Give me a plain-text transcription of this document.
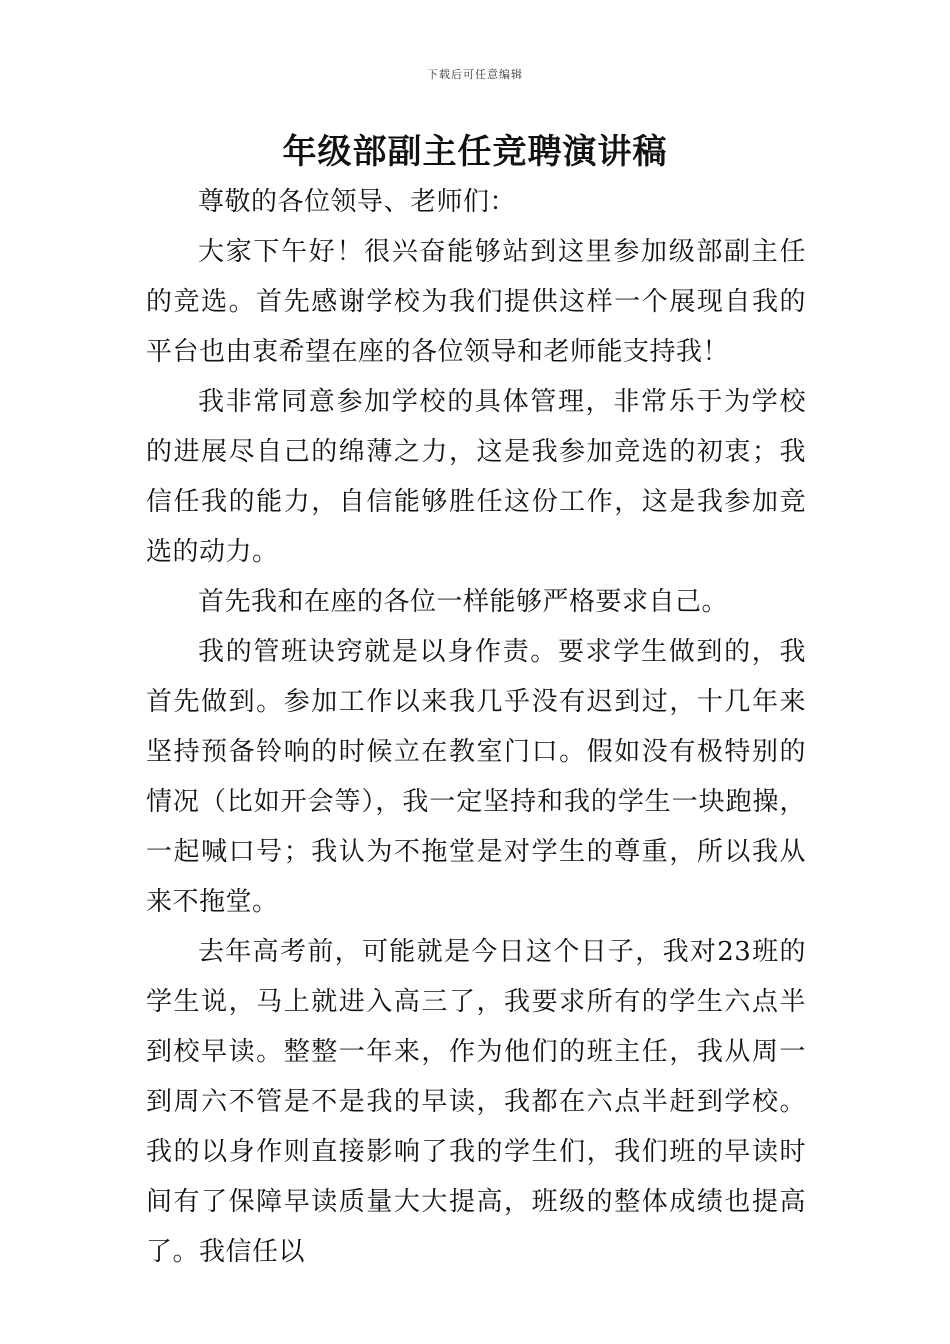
下载后可任意编辑
年级部副主任竞聘演讲稿

尊敬的各位领导、老师们：

大家下午好！很兴奋能够站到这里参加级部副主任的竞选。首先感谢学校为我们提供这样一个展现自我的平台也由衷希望在座的各位领导和老师能支持我！

我非常同意参加学校的具体管理，非常乐于为学校的进展尽自己的绵薄之力，这是我参加竞选的初衷；我信任我的能力，自信能够胜任这份工作，这是我参加竞选的动力。

首先我和在座的各位一样能够严格要求自己。

我的管班诀窍就是以身作责。要求学生做到的，我首先做到。参加工作以来我几乎没有迟到过，十几年来坚持预备铃响的时候立在教室门口。假如没有极特别的情况（比如开会等），我一定坚持和我的学生一块跑操，一起喊口号；我认为不拖堂是对学生的尊重，所以我从来不拖堂。

去年高考前，可能就是今日这个日子，我对23班的学生说，马上就进入高三了，我要求所有的学生六点半到校早读。整整一年来，作为他们的班主任，我从周一到周六不管是不是我的早读，我都在六点半赶到学校。我的以身作则直接影响了我的学生们，我们班的早读时间有了保障早读质量大大提高，班级的整体成绩也提高了。我信任以
